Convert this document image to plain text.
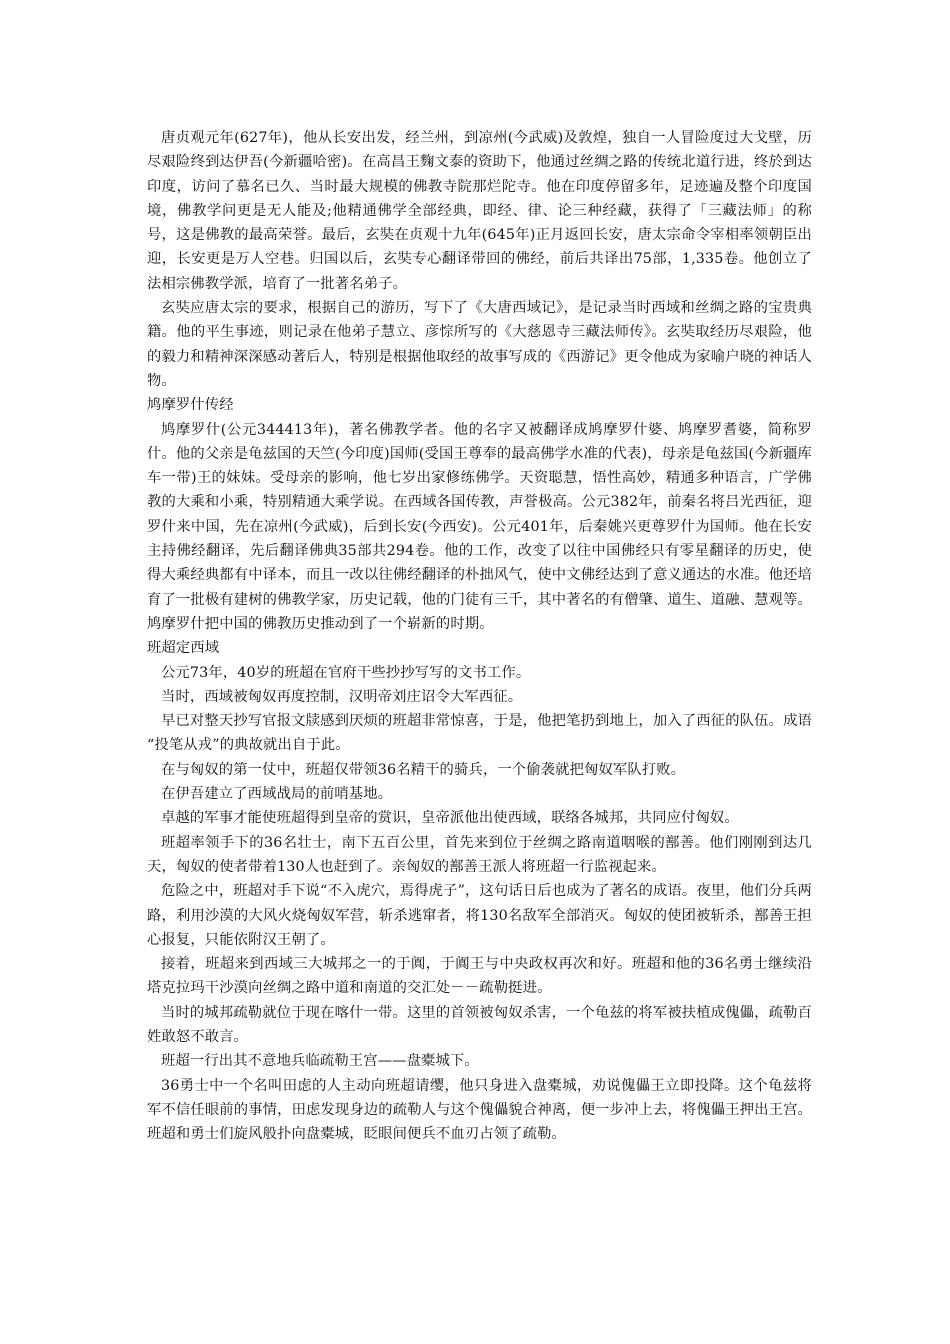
唐贞观元年(627年)，他从长安出发，经兰州，到凉州(今武威)及敦煌，独自一人冒险度过大戈壁，历尽艰险终到达伊吾(今新疆哈密)。在高昌王麴文泰的资助下，他通过丝绸之路的传统北道行进，终於到达印度，访问了慕名已久、当时最大规模的佛教寺院那烂陀寺。他在印度停留多年，足迹遍及整个印度国境，佛教学问更是无人能及;他精通佛学全部经典，即经、律、论三种经藏，获得了「三藏法师」的称号，这是佛教的最高荣誉。最后，玄奘在贞观十九年(645年)正月返回长安，唐太宗命令宰相率领朝臣出迎，长安更是万人空巷。归国以后，玄奘专心翻译带回的佛经，前后共译出75部，1,335卷。他创立了法相宗佛教学派，培育了一批著名弟子。

玄奘应唐太宗的要求，根据自己的游历，写下了《大唐西域记》，是记录当时西域和丝绸之路的宝贵典籍。他的平生事迹，则记录在他弟子慧立、彦悰所写的《大慈恩寺三藏法师传》。玄奘取经历尽艰险，他的毅力和精神深深感动著后人，特别是根据他取经的故事写成的《西游记》更令他成为家喻户晓的神话人物。

鸠摩罗什传经

鸠摩罗什(公元344413年)，著名佛教学者。他的名字又被翻译成鸠摩罗什婆、鸠摩罗耆婆，简称罗什。他的父亲是龟兹国的天竺(今印度)国师(受国王尊奉的最高佛学水准的代表)，母亲是龟兹国(今新疆库车一带)王的妹妹。受母亲的影响，他七岁出家修练佛学。天资聪慧，悟性高妙，精通多种语言，广学佛教的大乘和小乘，特别精通大乘学说。在西域各国传教，声誉极高。公元382年，前秦名将吕光西征，迎罗什来中国，先在凉州(今武威)，后到长安(今西安)。公元401年，后秦姚兴更尊罗什为国师。他在长安主持佛经翻译，先后翻译佛典35部共294卷。他的工作，改变了以往中国佛经只有零星翻译的历史，使得大乘经典都有中译本，而且一改以往佛经翻译的朴拙风气，使中文佛经达到了意义通达的水准。他还培育了一批极有建树的佛教学家，历史记载，他的门徒有三千，其中著名的有僧肇、道生、道融、慧观等。鸠摩罗什把中国的佛教历史推动到了一个崭新的时期。

班超定西域

公元73年，40岁的班超在官府干些抄抄写写的文书工作。

当时，西域被匈奴再度控制，汉明帝刘庄诏令大军西征。

早已对整天抄写官报文牍感到厌烦的班超非常惊喜，于是，他把笔扔到地上，加入了西征的队伍。成语 “投笔从戎”的典故就出自于此。

在与匈奴的第一仗中，班超仅带领36名精干的骑兵，一个偷袭就把匈奴军队打败。

在伊吾建立了西域战局的前哨基地。

卓越的军事才能使班超得到皇帝的赏识，皇帝派他出使西域，联络各城邦，共同应付匈奴。

班超率领手下的36名壮士，南下五百公里，首先来到位于丝绸之路南道咽喉的鄯善。他们刚刚到达几天，匈奴的使者带着130人也赶到了。亲匈奴的鄯善王派人将班超一行监视起来。

危险之中，班超对手下说“不入虎穴，焉得虎子”，这句话日后也成为了著名的成语。夜里，他们分兵两路，利用沙漠的大风火烧匈奴军营，斩杀逃窜者，将130名敌军全部消灭。匈奴的使团被斩杀，鄯善王担心报复，只能依附汉王朝了。

接着，班超来到西域三大城邦之一的于阗，于阗王与中央政权再次和好。班超和他的36名勇士继续沿塔克拉玛干沙漠向丝绸之路中道和南道的交汇处－－疏勒挺进。

当时的城邦疏勒就位于现在喀什一带。这里的首领被匈奴杀害，一个龟兹的将军被扶植成傀儡，疏勒百姓敢怒不敢言。

班超一行出其不意地兵临疏勒王宫——盘橐城下。

36勇士中一个名叫田虑的人主动向班超请缨，他只身进入盘橐城，劝说傀儡王立即投降。这个龟兹将军不信任眼前的事情，田虑发现身边的疏勒人与这个傀儡貌合神离，便一步冲上去，将傀儡王押出王宫。班超和勇士们旋风般扑向盘橐城，眨眼间便兵不血刃占领了疏勒。
